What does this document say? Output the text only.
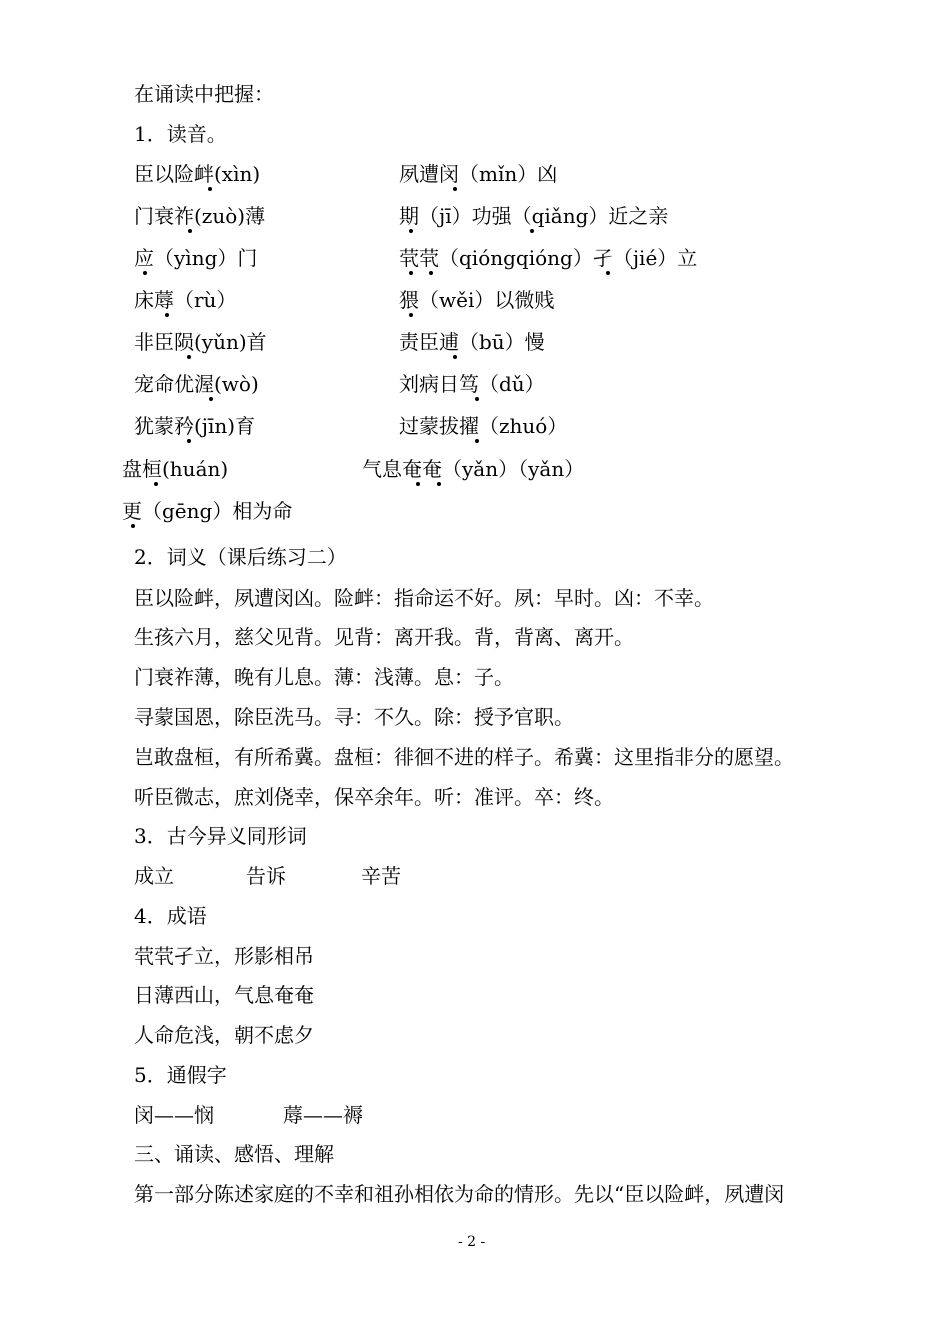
在诵读中把握：
1．读音。
臣以险衅(xìn)	夙遭闵（mǐn）凶
门衰祚(zuò)薄	期（jī）功强（qiǎng）近之亲
应（yìng）门	茕茕（qióngqióng）孑（jié）立
床蓐（rù）	猥（wěi）以微贱
非臣陨(yǔn)首	责臣逋（bū）慢
宠命优渥(wò)	刘病日笃（dǔ）
犹蒙矜(jīn)育	过蒙拔擢（zhuó）
盘桓(huán)	气息奄奄（yǎn）（yǎn）
更（gēng）相为命
2．词义（课后练习二）
臣以险衅，夙遭闵凶。险衅：指命运不好。夙：早时。凶：不幸。
生孩六月，慈父见背。见背：离开我。背，背离、离开。
门衰祚薄，晚有儿息。薄：浅薄。息：子。
寻蒙国恩，除臣洗马。寻：不久。除：授予官职。
岂敢盘桓，有所希冀。盘桓：徘徊不进的样子。希冀：这里指非分的愿望。
听臣微志，庶刘侥幸，保卒余年。听：准评。卒：终。
3．古今异义同形词
成立	告诉	辛苦
4．成语
茕茕孑立，形影相吊
日薄西山，气息奄奄
人命危浅，朝不虑夕
5．通假字
闵——悯	蓐——褥
三、诵读、感悟、理解
第一部分陈述家庭的不幸和祖孙相依为命的情形。先以“臣以险衅，夙遭闵
- 2 -
